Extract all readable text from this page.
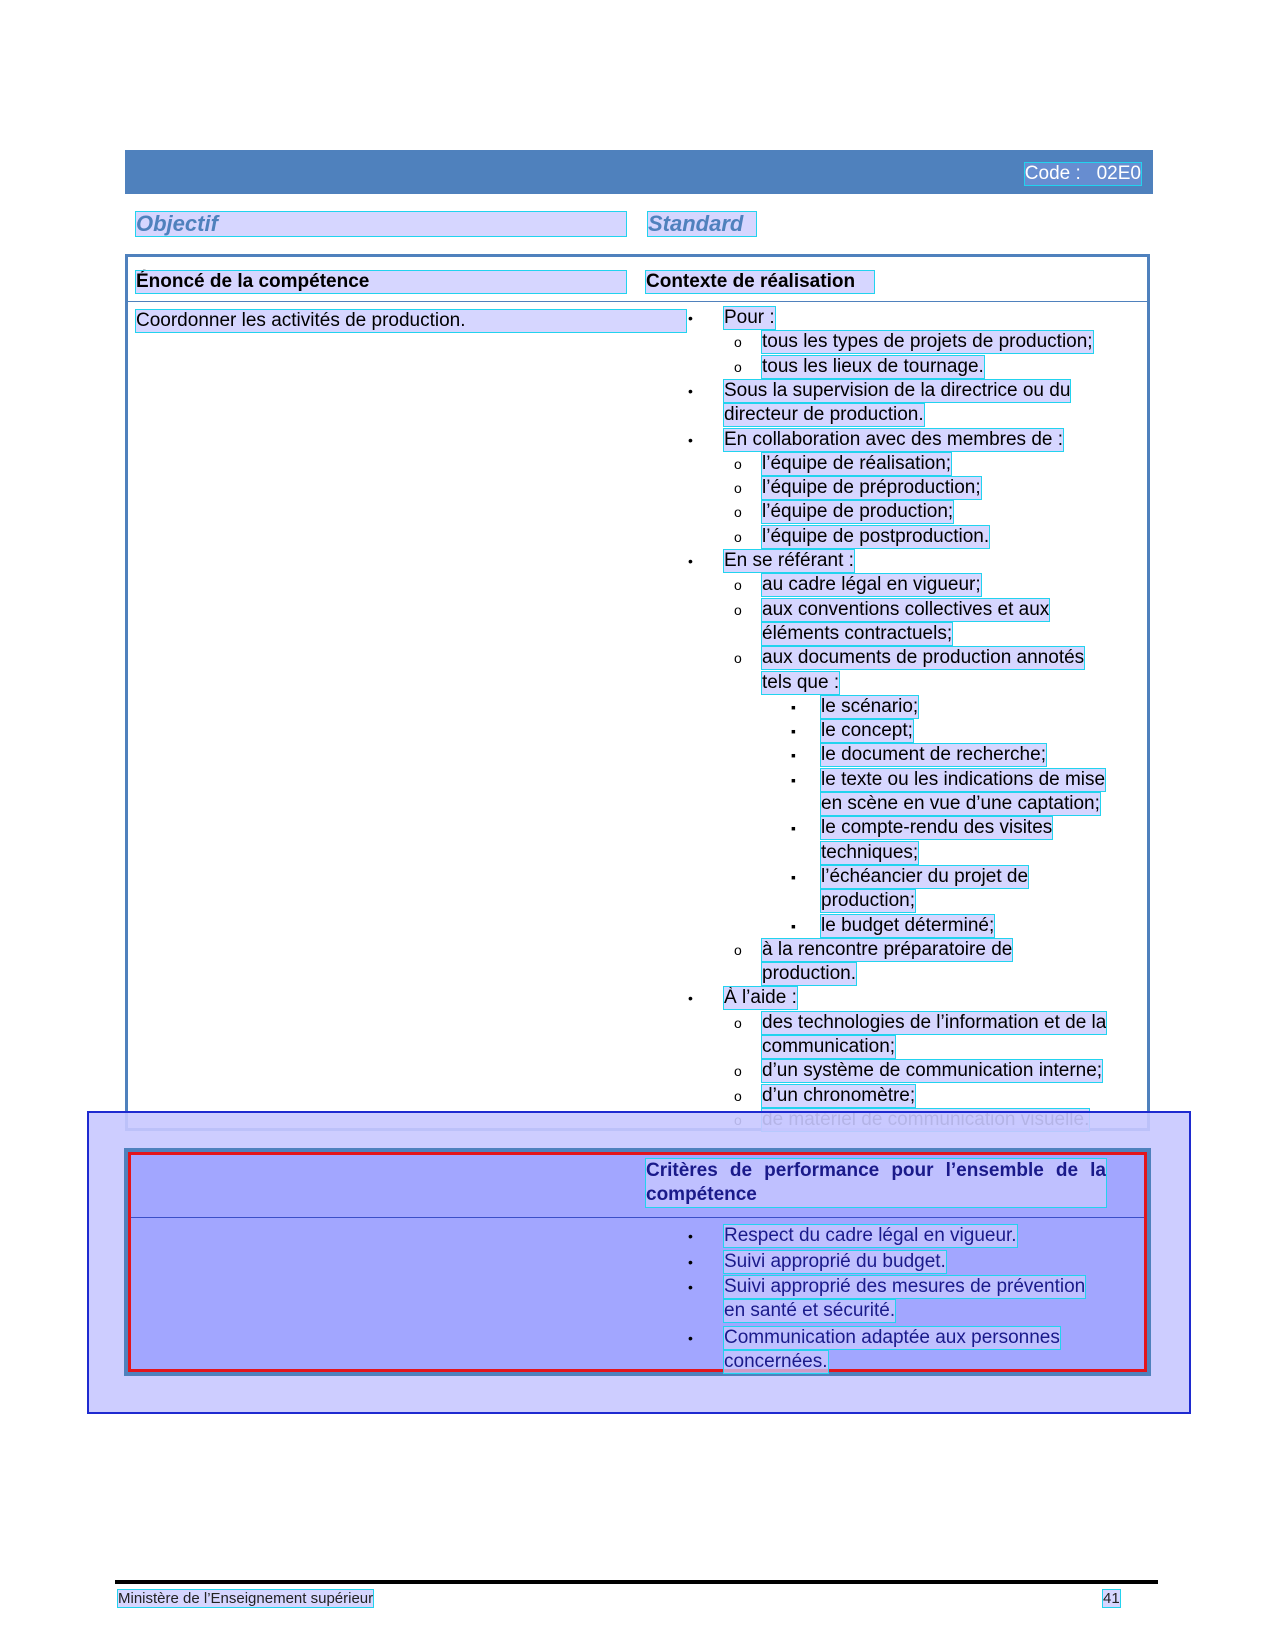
Code :   02E0
Objectif	Standard
Énoncé de la compétence	Contexte de réalisation
Coordonner les activités de production.	• Pour :
o tous les types de projets de production;
o tous les lieux de tournage.
• Sous la supervision de la directrice ou du
directeur de production.
• En collaboration avec des membres de :
o l’équipe de réalisation;
o l’équipe de préproduction;
o l’équipe de production;
o l’équipe de postproduction.
• En se référant :
o au cadre légal en vigueur;
o aux conventions collectives et aux
éléments contractuels;
o aux documents de production annotés
tels que :
▪ le scénario;
▪ le concept;
▪ le document de recherche;
▪ le texte ou les indications de mise
en scène en vue d’une captation;
▪ le compte-rendu des visites
techniques;
▪ l’échéancier du projet de
production;
▪ le budget déterminé;
o à la rencontre préparatoire de
production.
• À l’aide :
o des technologies de l’information et de la
communication;
o d’un système de communication interne;
o d’un chronomètre;
Critères de performance pour l’ensemble de la compétence
• Respect du cadre légal en vigueur.
• Suivi approprié du budget.
• Suivi approprié des mesures de prévention
en santé et sécurité.
• Communication adaptée aux personnes
concernées.
Ministère de l’Enseignement supérieur	41
